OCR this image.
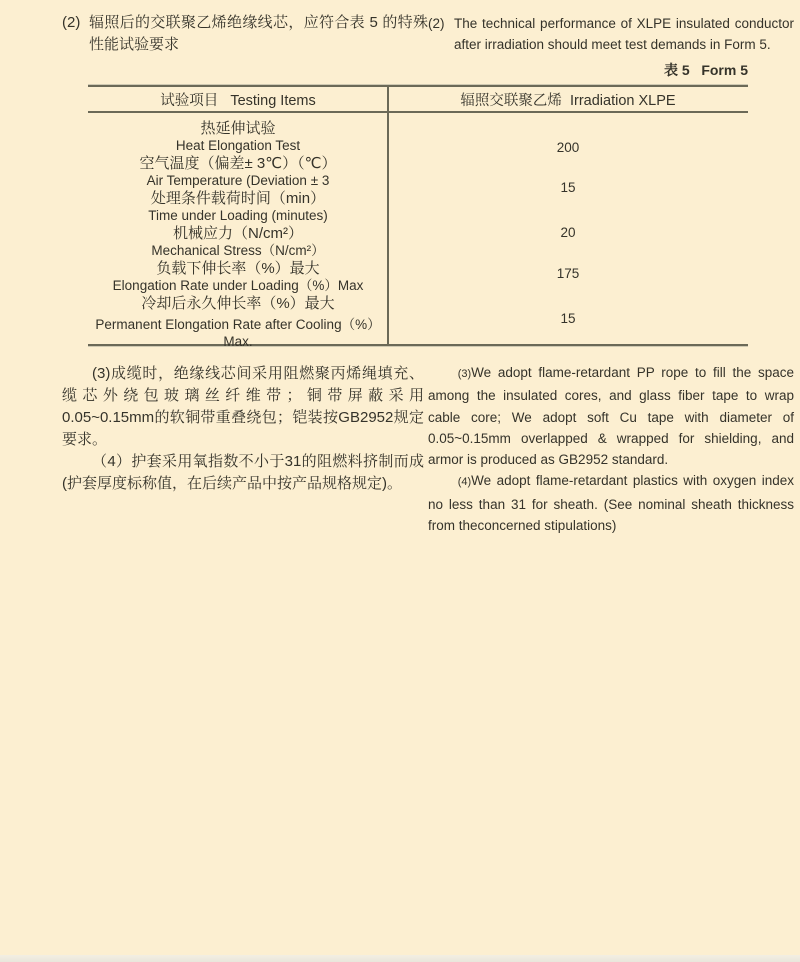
(2) 辐照后的交联聚乙烯绝缘线芯，应符合表 5 的特殊性能试验要求
(2) The technical performance of XLPE insulated conductor after irradiation should meet test demands in Form 5.
表 5   Form 5
试验项目   Testing Items	辐照交联聚乙烯  Irradiation XLPE
热延伸试验
Heat Elongation Test
空气温度（偏差± 3℃）（℃）
Air Temperature (Deviation ± 3
处理条件载荷时间（min）
Time under Loading (minutes)
机械应力（N/cm²）
Mechanical Stress（N/cm²）
负载下伸长率（%）最大
Elongation Rate under Loading（%）Max
冷却后永久伸长率（%）最大
Permanent Elongation Rate after Cooling（%）Max.
200
15
20
175
15

(3)成缆时，绝缘线芯间采用阻燃聚丙烯绳填充、缆芯外绕包玻璃丝纤维带；铜带屏蔽采用0.05~0.15mm的软铜带重叠绕包；铠装按GB2952规定要求。

（4）护套采用氧指数不小于31的阻燃料挤制而成(护套厚度标称值，在后续产品中按产品规格规定)。

(3)We adopt flame-retardant PP rope to fill the space among the insulated cores, and glass fiber tape to wrap cable core; We adopt soft Cu tape with diameter of 0.05~0.15mm overlapped & wrapped for shielding, and armor is produced as GB2952 standard.

(4)We adopt flame-retardant plastics with oxygen index no less than 31 for sheath. (See nominal sheath thickness from theconcerned stipulations)
